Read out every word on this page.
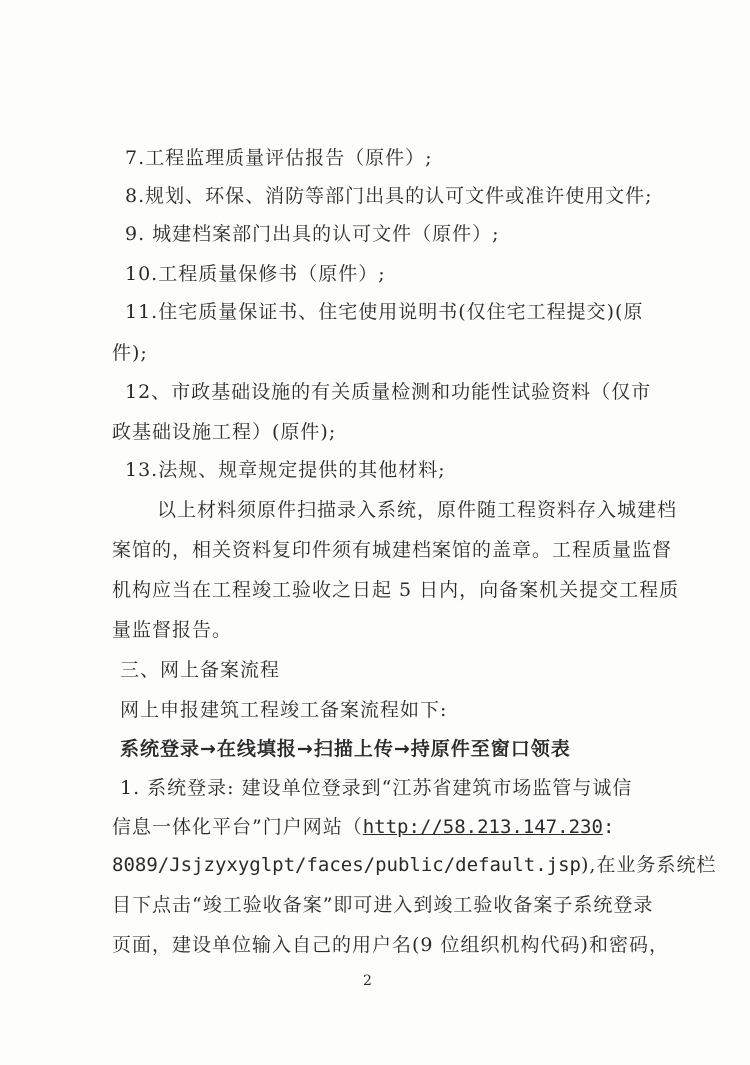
7.工程监理质量评估报告（原件）;
8.规划、环保、消防等部门出具的认可文件或准许使用文件;
9. 城建档案部门出具的认可文件（原件）;
10.工程质量保修书（原件）;
11.住宅质量保证书、住宅使用说明书(仅住宅工程提交)(原
件);
12、市政基础设施的有关质量检测和功能性试验资料（仅市
政基础设施工程）(原件);
13.法规、规章规定提供的其他材料;
以上材料须原件扫描录入系统，原件随工程资料存入城建档
案馆的，相关资料复印件须有城建档案馆的盖章。工程质量监督
机构应当在工程竣工验收之日起 5 日内，向备案机关提交工程质
量监督报告。
三、网上备案流程
网上申报建筑工程竣工备案流程如下:
系统登录→在线填报→扫描上传→持原件至窗口领表
1. 系统登录: 建设单位登录到“江苏省建筑市场监管与诚信
信息一体化平台”门户网站（http://58.213.147.230:
8089/Jsjzyxyglpt/faces/public/default.jsp),在业务系统栏
目下点击“竣工验收备案”即可进入到竣工验收备案子系统登录
页面，建设单位输入自己的用户名(9 位组织机构代码)和密码，
2
